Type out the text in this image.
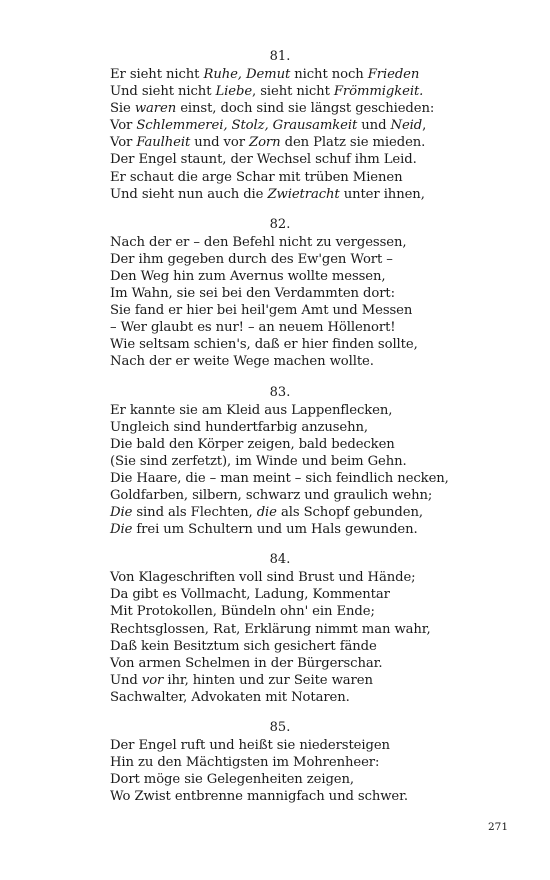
81.
Er sieht nicht Ruhe, Demut nicht noch Frieden
Und sieht nicht Liebe, sieht nicht Frömmigkeit.
Sie waren einst, doch sind sie längst geschieden:
Vor Schlemmerei, Stolz, Grausamkeit und Neid,
Vor Faulheit und vor Zorn den Platz sie mieden.
Der Engel staunt, der Wechsel schuf ihm Leid.
Er schaut die arge Schar mit trüben Mienen
Und sieht nun auch die Zwietracht unter ihnen,
82.
Nach der er – den Befehl nicht zu vergessen,
Der ihm gegeben durch des Ew'gen Wort –
Den Weg hin zum Avernus wollte messen,
Im Wahn, sie sei bei den Verdammten dort:
Sie fand er hier bei heil'gem Amt und Messen
– Wer glaubt es nur! – an neuem Höllenort!
Wie seltsam schien's, daß er hier finden sollte,
Nach der er weite Wege machen wollte.
83.
Er kannte sie am Kleid aus Lappenflecken,
Ungleich sind hundertfarbig anzusehn,
Die bald den Körper zeigen, bald bedecken
(Sie sind zerfetzt), im Winde und beim Gehn.
Die Haare, die – man meint – sich feindlich necken,
Goldfarben, silbern, schwarz und graulich wehn;
Die sind als Flechten, die als Schopf gebunden,
Die frei um Schultern und um Hals gewunden.
84.
Von Klageschriften voll sind Brust und Hände;
Da gibt es Vollmacht, Ladung, Kommentar
Mit Protokollen, Bündeln ohn' ein Ende;
Rechtsglossen, Rat, Erklärung nimmt man wahr,
Daß kein Besitztum sich gesichert fände
Von armen Schelmen in der Bürgerschar.
Und vor ihr, hinten und zur Seite waren
Sachwalter, Advokaten mit Notaren.
85.
Der Engel ruft und heißt sie niedersteigen
Hin zu den Mächtigsten im Mohrenheer:
Dort möge sie Gelegenheiten zeigen,
Wo Zwist entbrenne mannigfach und schwer.
271
